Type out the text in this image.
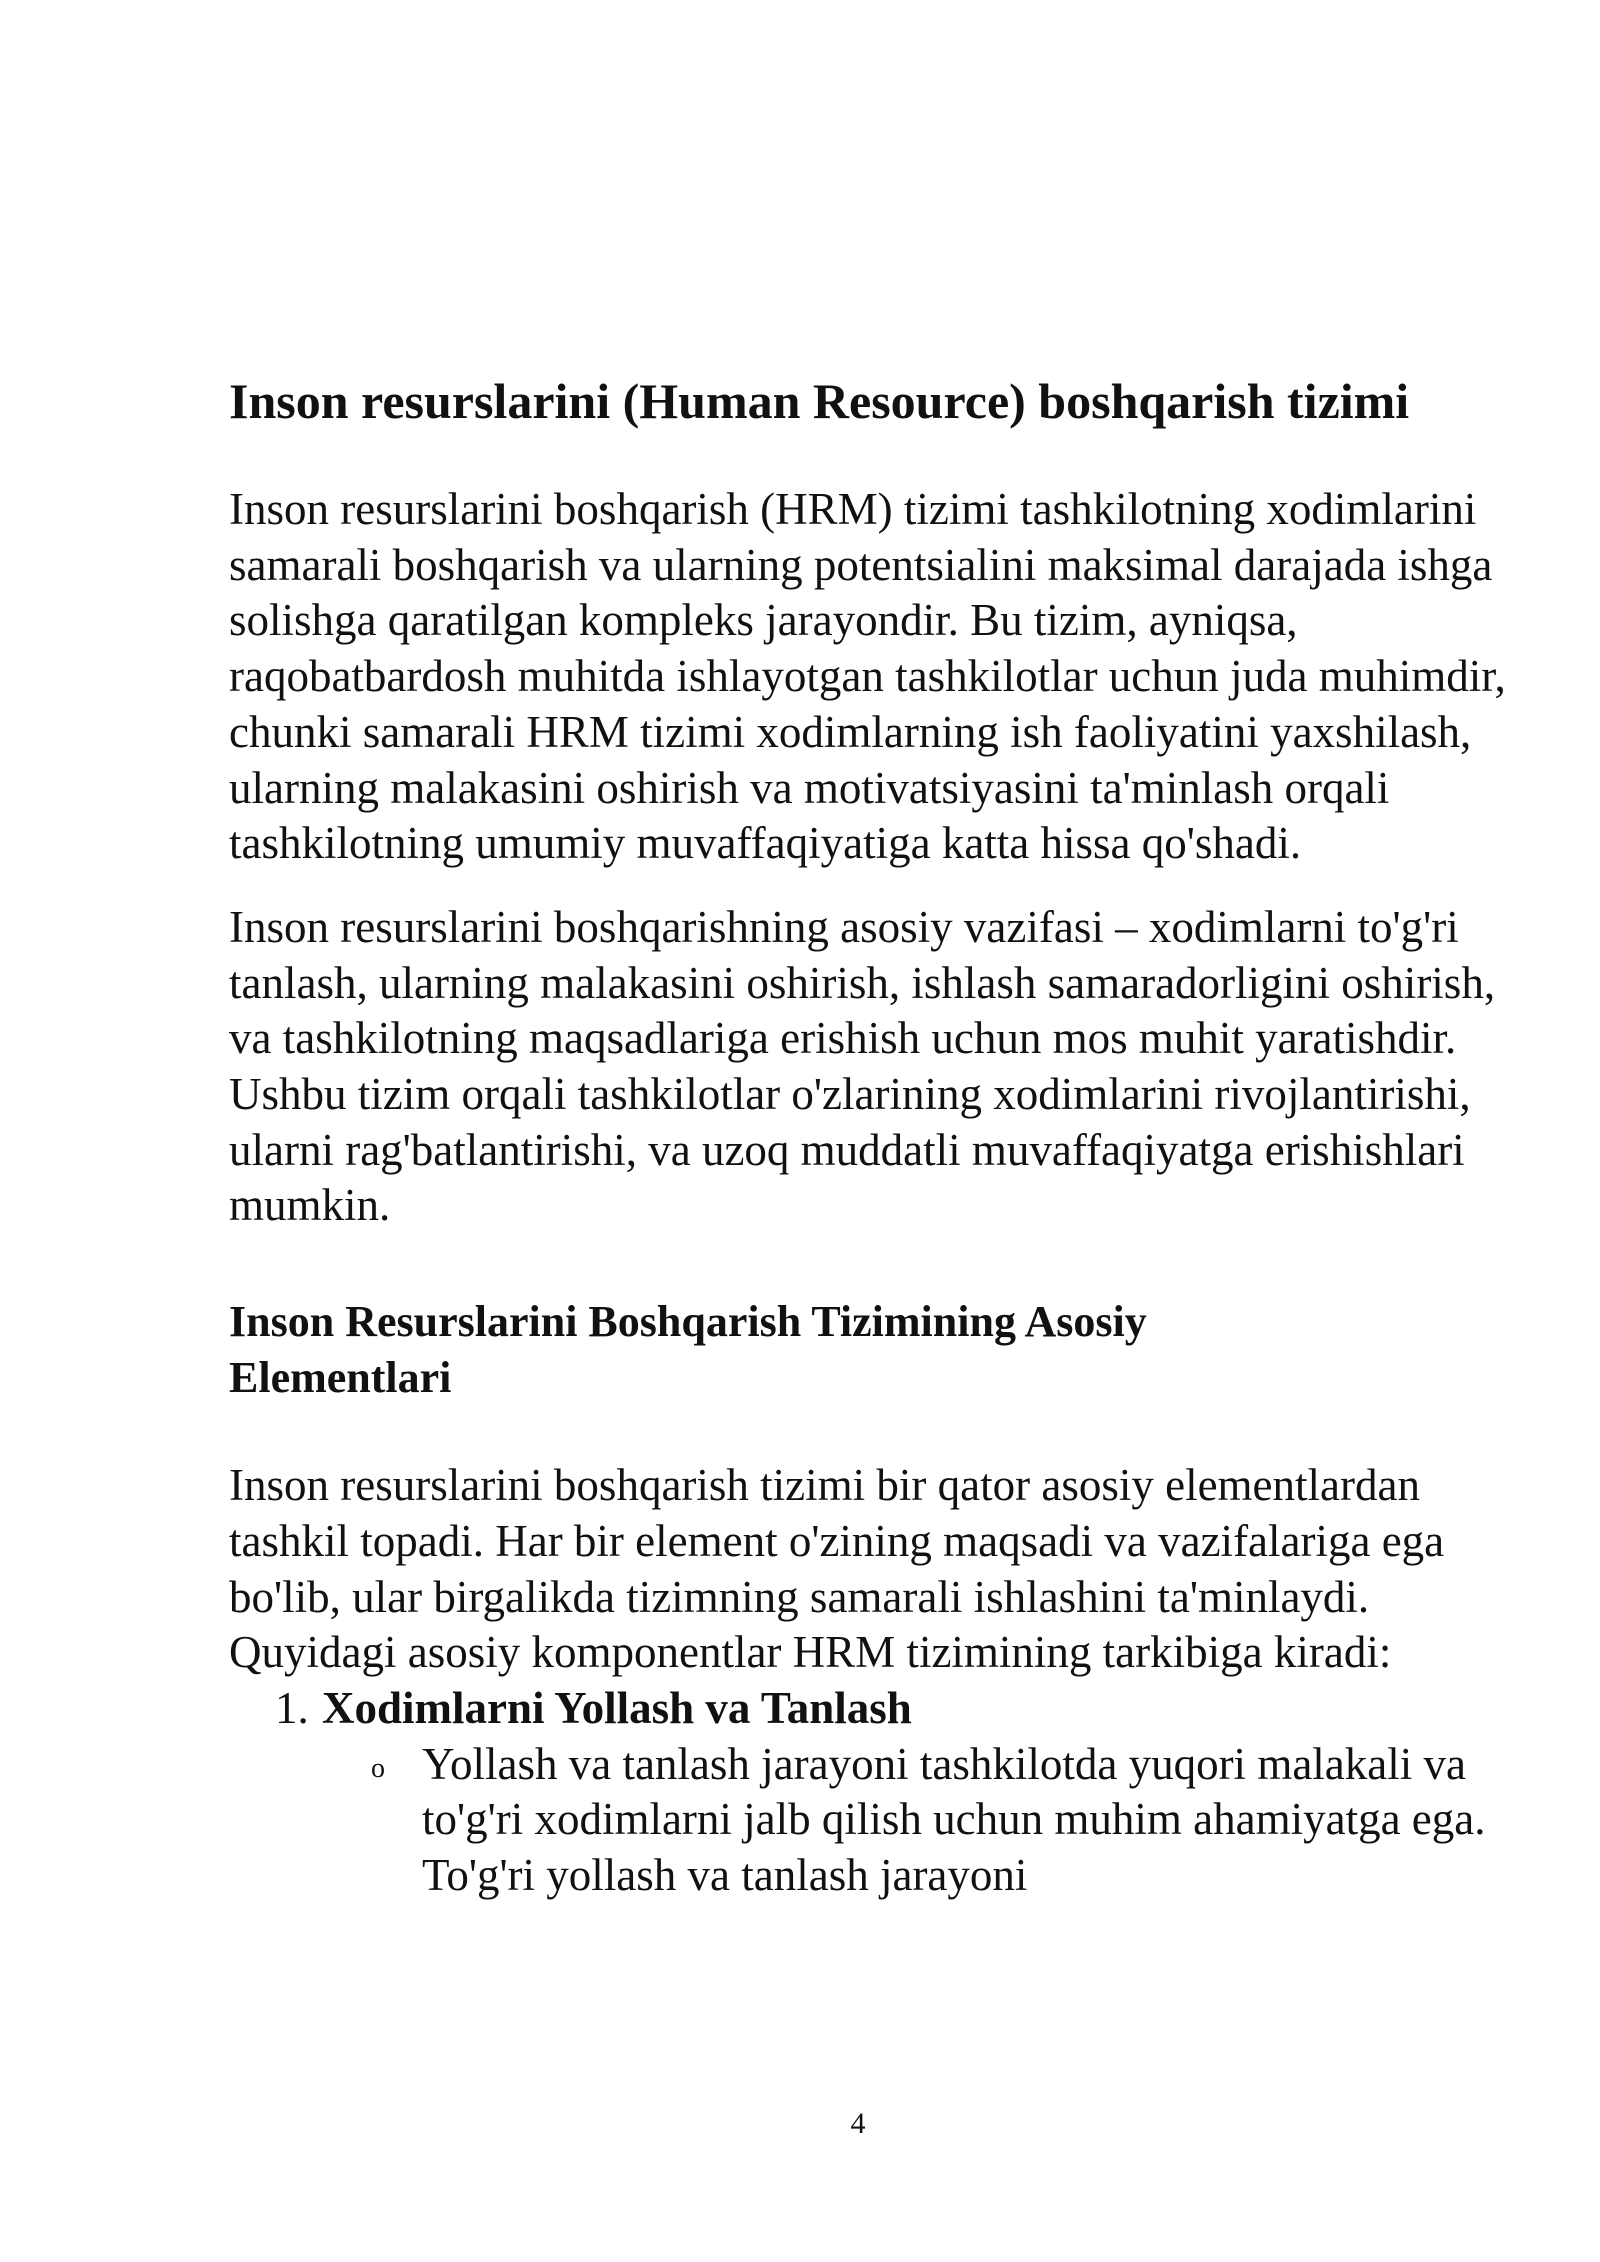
Inson resurslarini (Human Resource) boshqarish tizimi

Inson resurslarini boshqarish (HRM) tizimi tashkilotning xodimlarini samarali boshqarish va ularning potentsialini maksimal darajada ishga solishga qaratilgan kompleks jarayondir. Bu tizim, ayniqsa, raqobatbardosh muhitda ishlayotgan tashkilotlar uchun juda muhimdir, chunki samarali HRM tizimi xodimlarning ish faoliyatini yaxshilash, ularning malakasini oshirish va motivatsiyasini ta'minlash orqali tashkilotning umumiy muvaffaqiyatiga katta hissa qo'shadi.

Inson resurslarini boshqarishning asosiy vazifasi – xodimlarni to'g'ri tanlash, ularning malakasini oshirish, ishlash samaradorligini oshirish, va tashkilotning maqsadlariga erishish uchun mos muhit yaratishdir. Ushbu tizim orqali tashkilotlar o'zlarining xodimlarini rivojlantirishi, ularni rag'batlantirishi, va uzoq muddatli muvaffaqiyatga erishishlari mumkin.

Inson Resurslarini Boshqarish Tizimining Asosiy Elementlari

Inson resurslarini boshqarish tizimi bir qator asosiy elementlardan tashkil topadi. Har bir element o'zining maqsadi va vazifalariga ega bo'lib, ular birgalikda tizimning samarali ishlashini ta'minlaydi. Quyidagi asosiy komponentlar HRM tizimining tarkibiga kiradi:

1. Xodimlarni Yollash va Tanlash
o Yollash va tanlash jarayoni tashkilotda yuqori malakali va to'g'ri xodimlarni jalb qilish uchun muhim ahamiyatga ega. To'g'ri yollash va tanlash jarayoni
4
